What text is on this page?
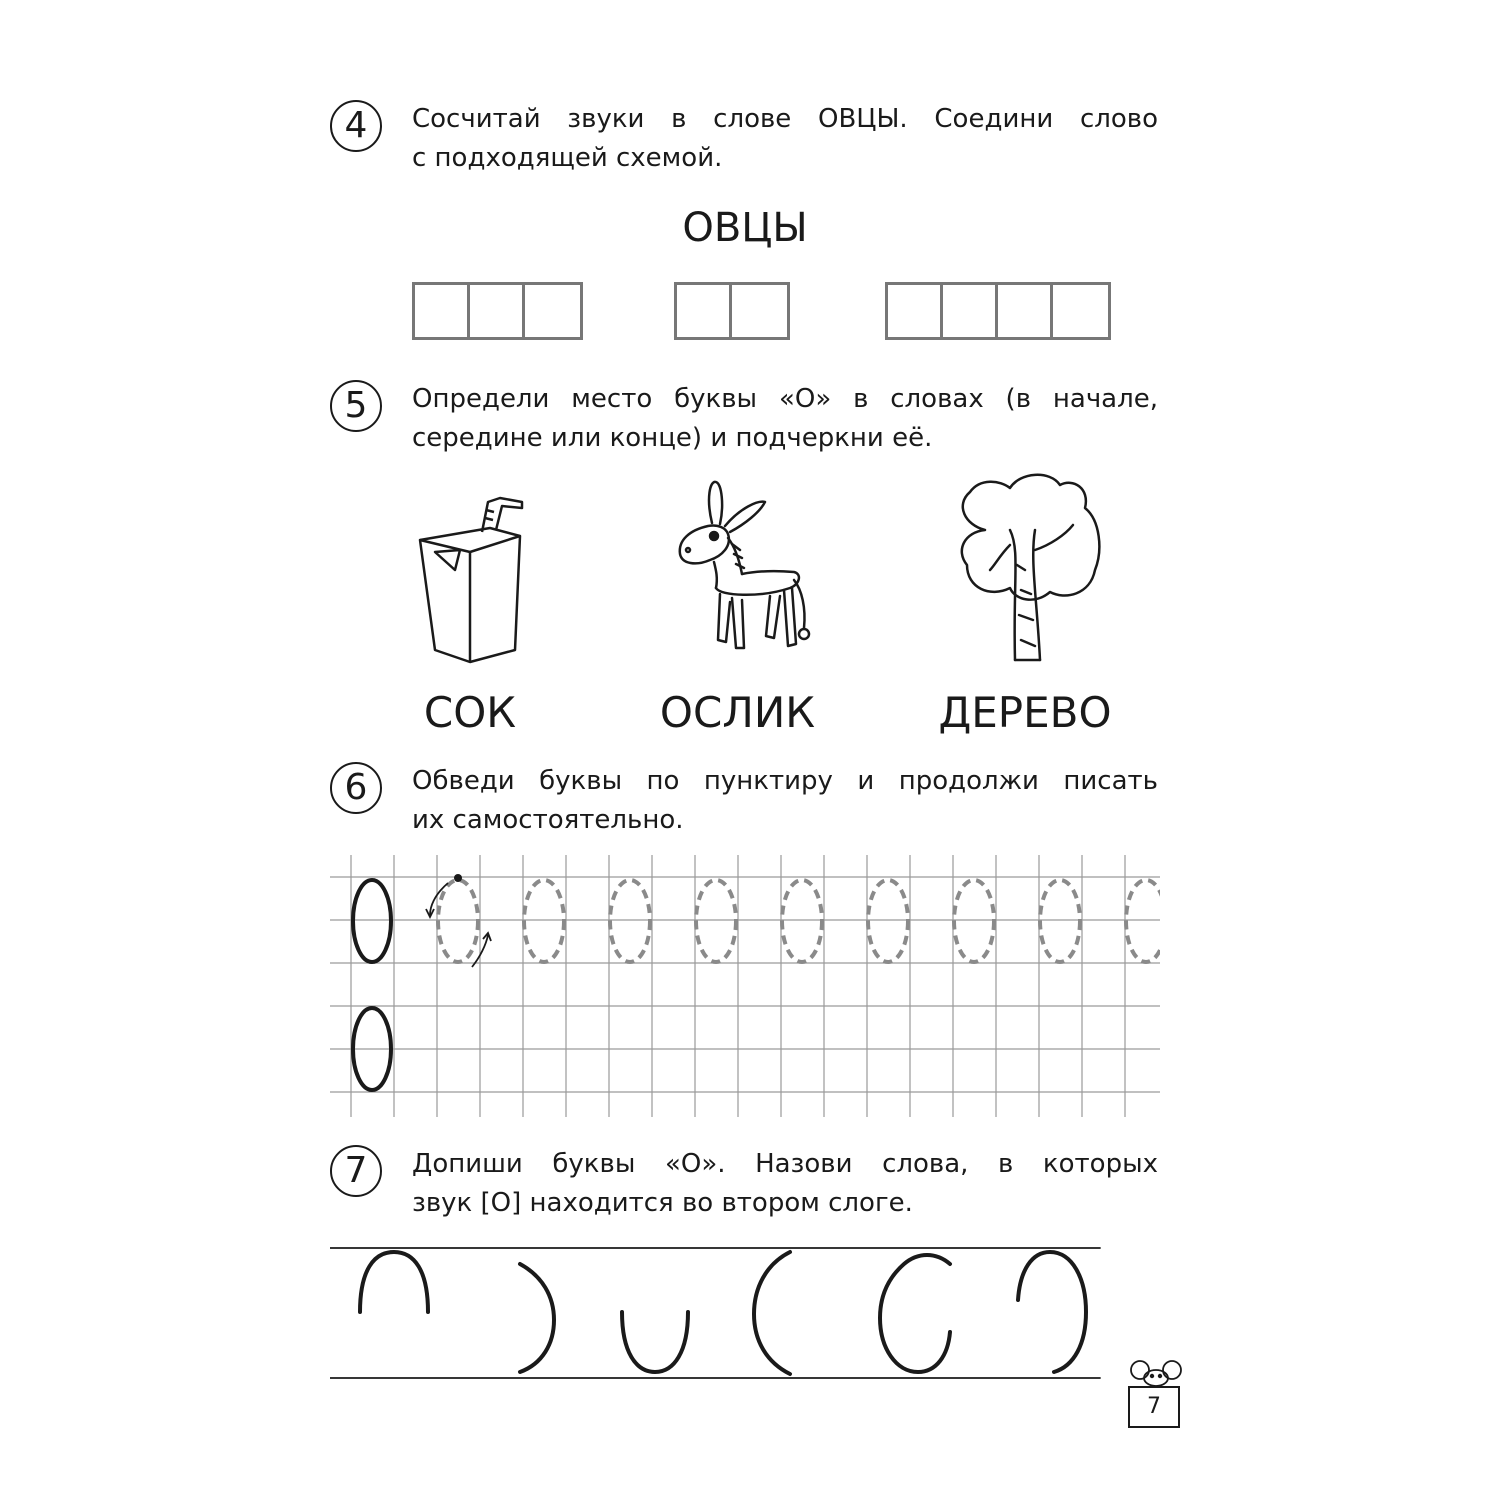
4	Сосчитай звуки в слове ОВЦЫ. Соедини слово
с подходящей схемой.
ОВЦЫ
5	Определи место буквы «О» в словах (в начале,
середине или конце) и подчеркни её.
СОК	ОСЛИК	ДЕРЕВО
6	Обведи буквы по пунктиру и продолжи писать
их самостоятельно.
7	Допиши буквы «О». Назови слова, в которых
звук [О] находится во втором слоге.
7
